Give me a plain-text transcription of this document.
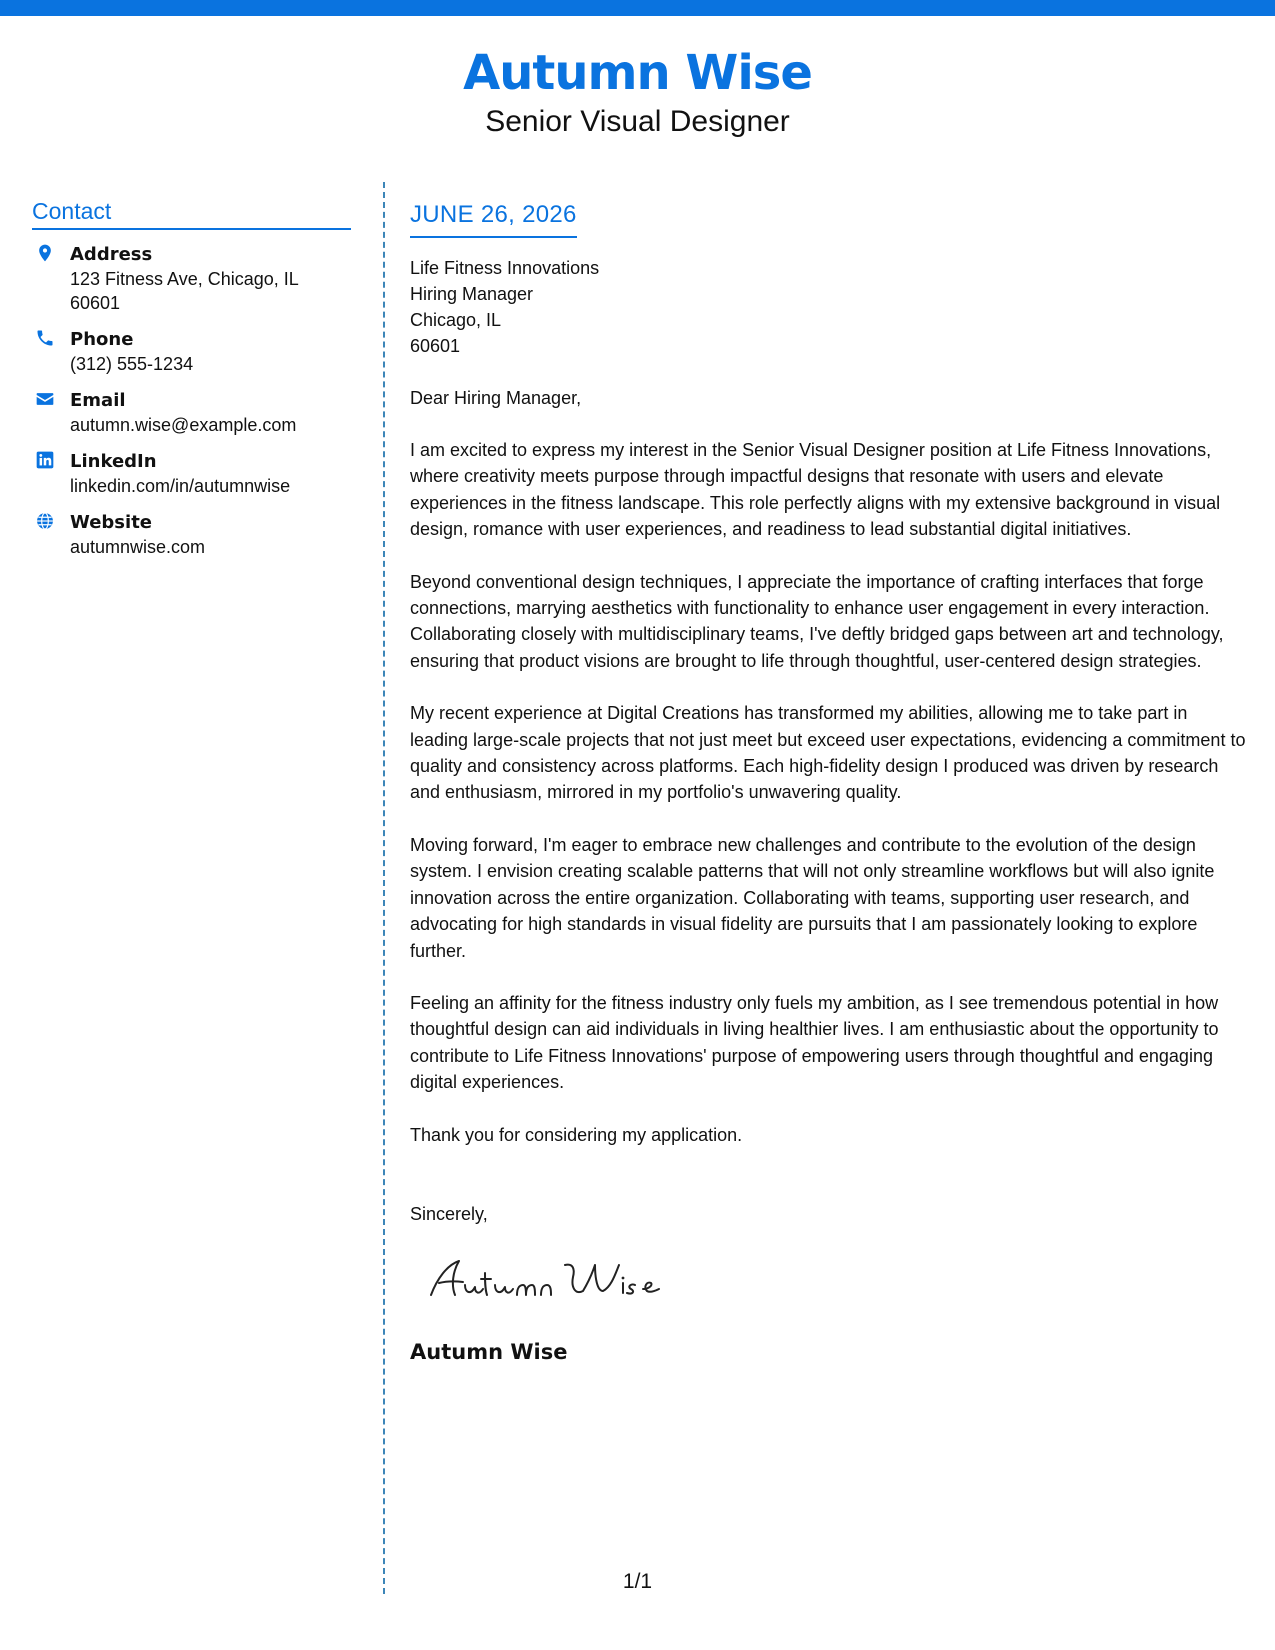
Autumn Wise
Senior Visual Designer
Contact
Address
123 Fitness Ave, Chicago, IL 60601
Phone
(312) 555-1234
Email
autumn.wise@example.com
LinkedIn
linkedin.com/in/autumnwise
Website
autumnwise.com
JUNE 26, 2026
Life Fitness Innovations
Hiring Manager
Chicago, IL
60601
Dear Hiring Manager,
I am excited to express my interest in the Senior Visual Designer position at Life Fitness Innovations, where creativity meets purpose through impactful designs that resonate with users and elevate experiences in the fitness landscape. This role perfectly aligns with my extensive background in visual design, romance with user experiences, and readiness to lead substantial digital initiatives.
Beyond conventional design techniques, I appreciate the importance of crafting interfaces that forge connections, marrying aesthetics with functionality to enhance user engagement in every interaction. Collaborating closely with multidisciplinary teams, I've deftly bridged gaps between art and technology, ensuring that product visions are brought to life through thoughtful, user-centered design strategies.
My recent experience at Digital Creations has transformed my abilities, allowing me to take part in leading large-scale projects that not just meet but exceed user expectations, evidencing a commitment to quality and consistency across platforms. Each high-fidelity design I produced was driven by research and enthusiasm, mirrored in my portfolio's unwavering quality.
Moving forward, I'm eager to embrace new challenges and contribute to the evolution of the design system. I envision creating scalable patterns that will not only streamline workflows but will also ignite innovation across the entire organization. Collaborating with teams, supporting user research, and advocating for high standards in visual fidelity are pursuits that I am passionately looking to explore further.
Feeling an affinity for the fitness industry only fuels my ambition, as I see tremendous potential in how thoughtful design can aid individuals in living healthier lives. I am enthusiastic about the opportunity to contribute to Life Fitness Innovations' purpose of empowering users through thoughtful and engaging digital experiences.
Thank you for considering my application.
Sincerely,
Autumn Wise
1/1
